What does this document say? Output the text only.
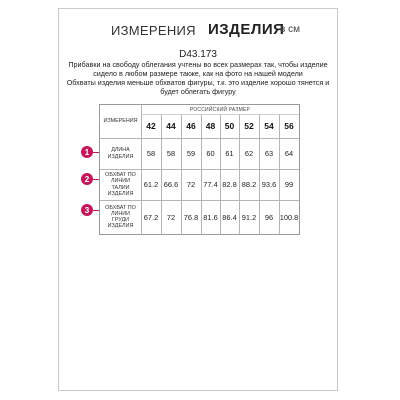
ИЗМЕРЕНИЯ ИЗДЕЛИЯ
в см
D43.173

Прибавки на свободу облегания учтены во всех размерах так, чтобы изделие сидело в любом размере также, как на фото на нашей модели

Обхваты изделия меньше обхватов фигуры, т.к. это изделие хорошо тянется и будет облегать фигуру

1
2
3
ИЗМЕРЕНИЯ
РОССИЙСКИЙ РАЗМЕР
42	44	46	48	50	52	54	56
ДЛИНА ИЗДЕЛИЯ	58	58	59	60	61	62	63	64
ОБХВАТ ПО ЛИНИИ ТАЛИИ ИЗДЕЛИЯ
61.2 66.6	72	77.4 82.8 88.2 93.6	99
ОБХВАТ ПО ЛИНИИ ГРУДИ ИЗДЕЛИЯ
67.2	72	76.8 81.6 86.4 91.2	96 100.8
